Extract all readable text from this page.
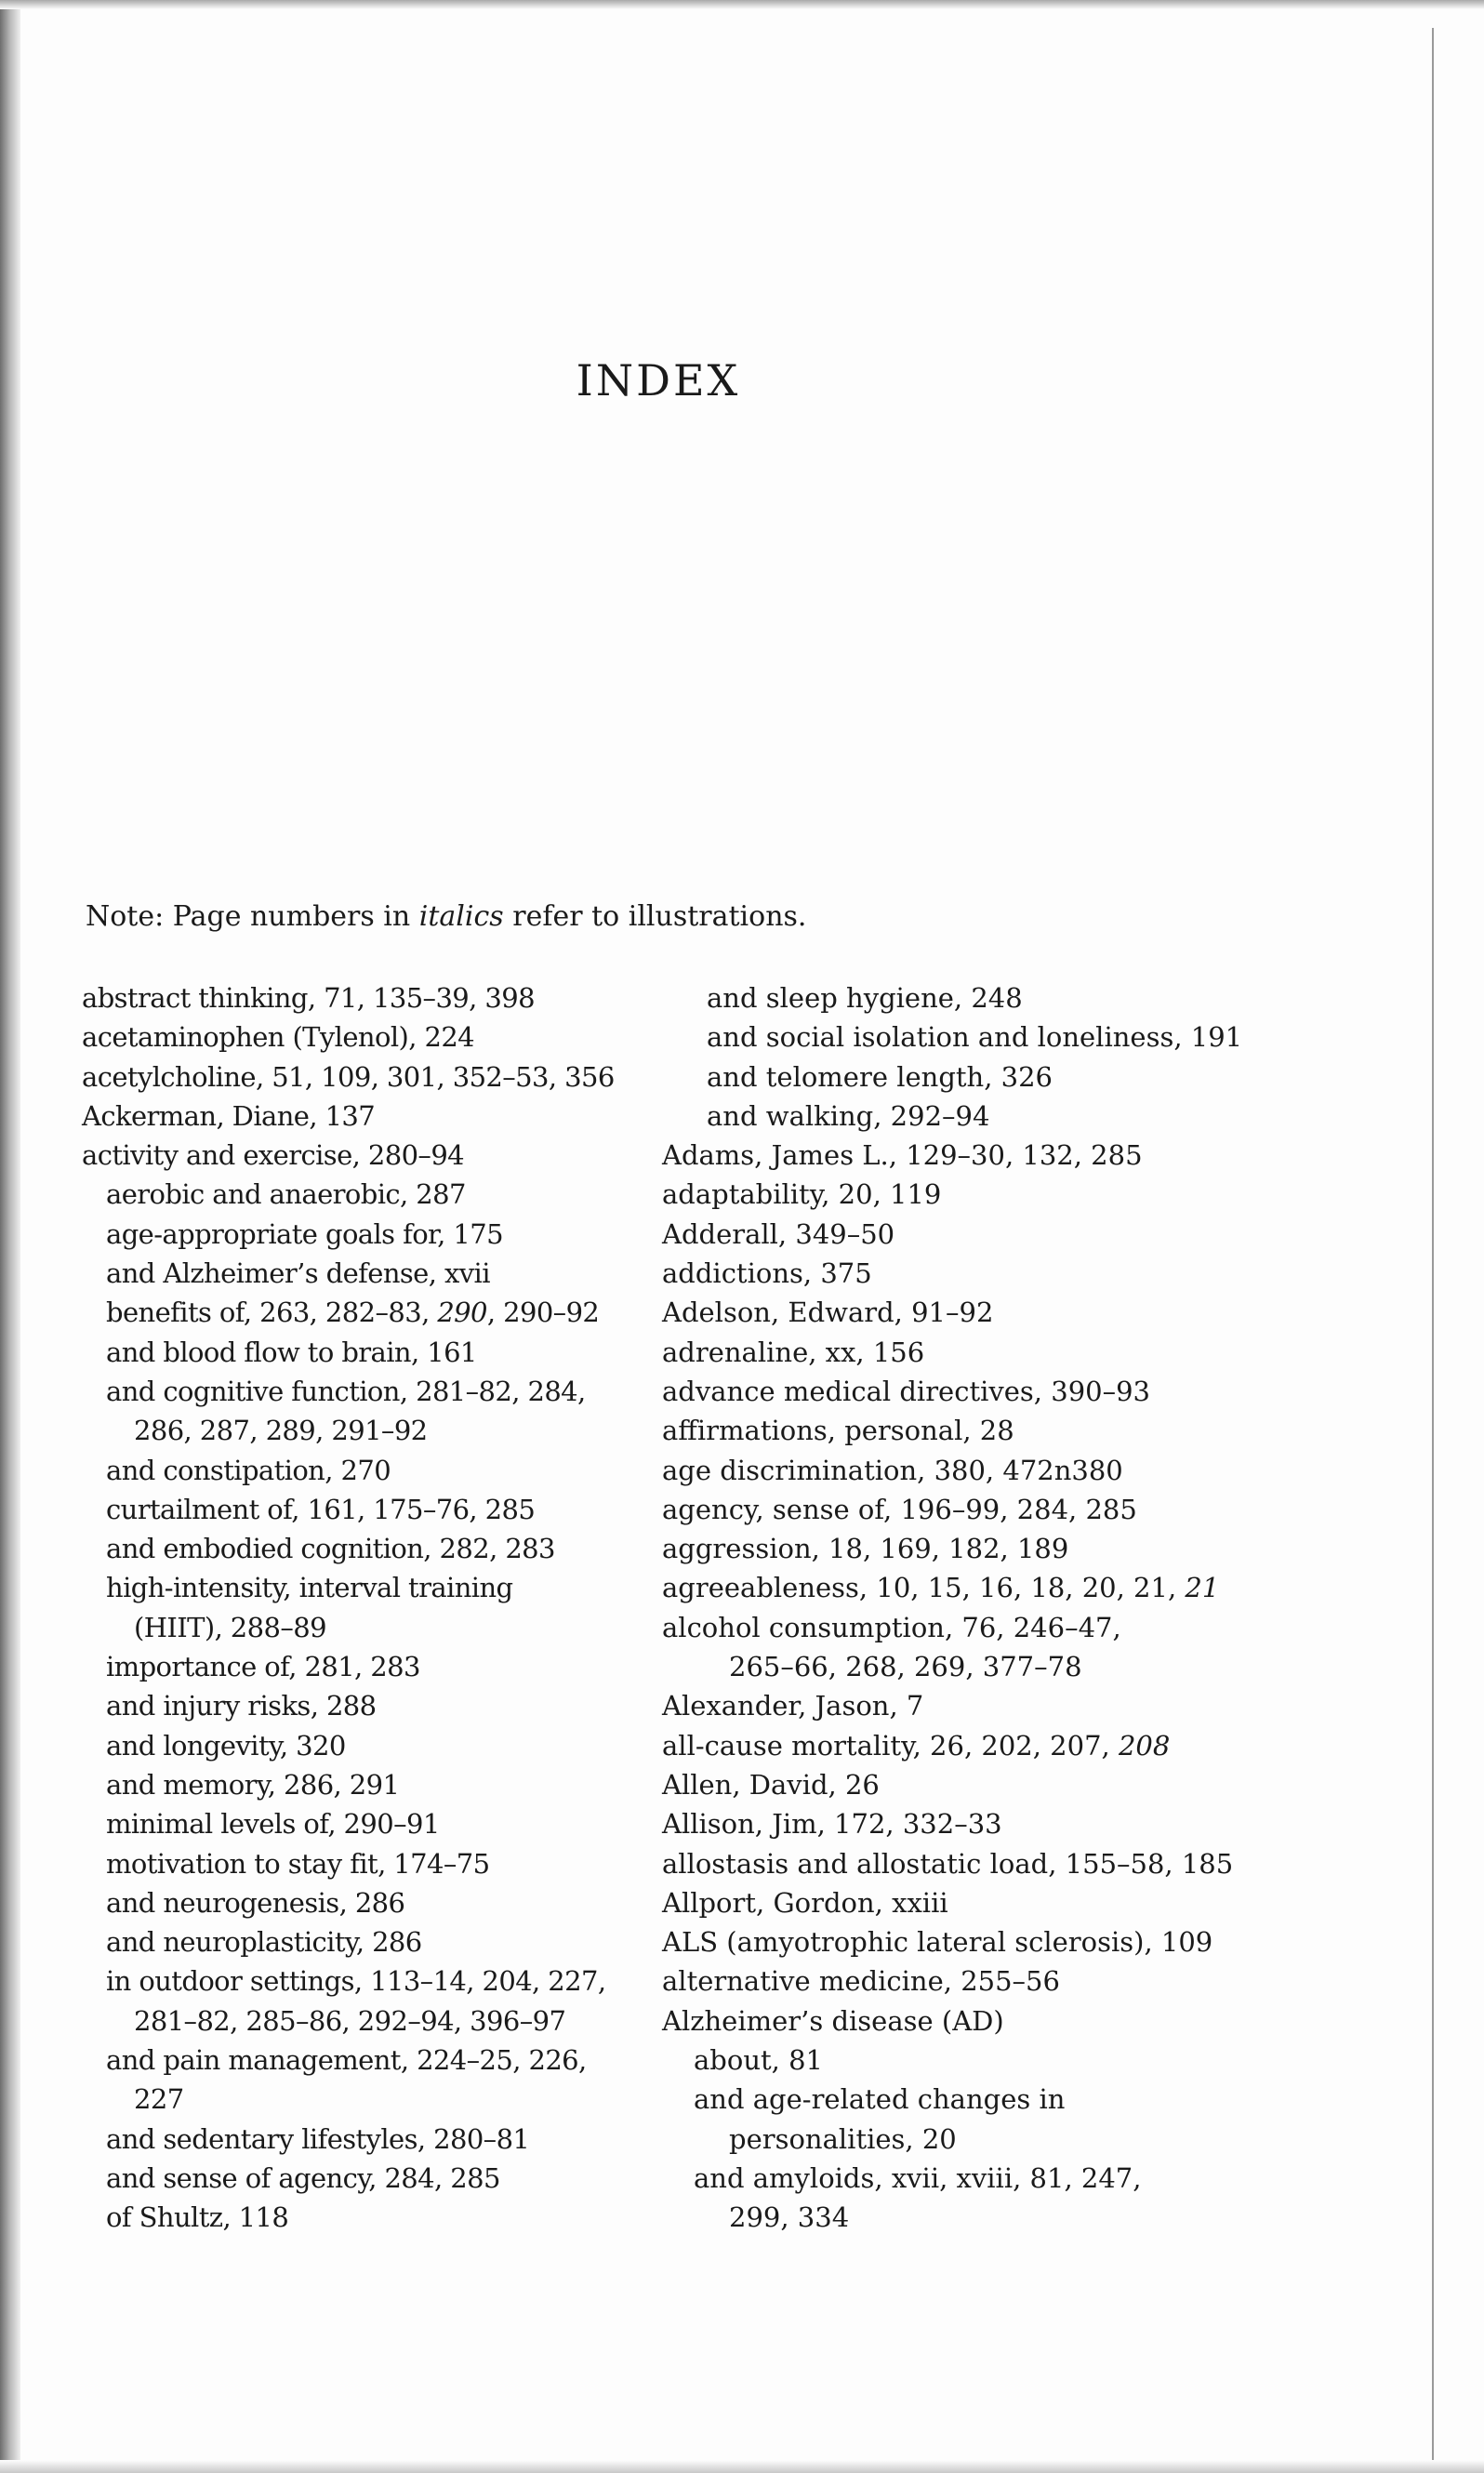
INDEX
Note: Page numbers in italics refer to illustrations.
abstract thinking, 71, 135–39, 398
acetaminophen (Tylenol), 224
acetylcholine, 51, 109, 301, 352–53, 356
Ackerman, Diane, 137
activity and exercise, 280–94
aerobic and anaerobic, 287
age-appropriate goals for, 175
and Alzheimer’s defense, xvii
benefits of, 263, 282–83, 290, 290–92
and blood flow to brain, 161
and cognitive function, 281–82, 284,
286, 287, 289, 291–92
and constipation, 270
curtailment of, 161, 175–76, 285
and embodied cognition, 282, 283
high-intensity, interval training
(HIIT), 288–89
importance of, 281, 283
and injury risks, 288
and longevity, 320
and memory, 286, 291
minimal levels of, 290–91
motivation to stay fit, 174–75
and neurogenesis, 286
and neuroplasticity, 286
in outdoor settings, 113–14, 204, 227,
281–82, 285–86, 292–94, 396–97
and pain management, 224–25, 226,
227
and sedentary lifestyles, 280–81
and sense of agency, 284, 285
of Shultz, 118
and sleep hygiene, 248
and social isolation and loneliness, 191
and telomere length, 326
and walking, 292–94
Adams, James L., 129–30, 132, 285
adaptability, 20, 119
Adderall, 349–50
addictions, 375
Adelson, Edward, 91–92
adrenaline, xx, 156
advance medical directives, 390–93
affirmations, personal, 28
age discrimination, 380, 472n380
agency, sense of, 196–99, 284, 285
aggression, 18, 169, 182, 189
agreeableness, 10, 15, 16, 18, 20, 21, 21
alcohol consumption, 76, 246–47,
265–66, 268, 269, 377–78
Alexander, Jason, 7
all-cause mortality, 26, 202, 207, 208
Allen, David, 26
Allison, Jim, 172, 332–33
allostasis and allostatic load, 155–58, 185
Allport, Gordon, xxiii
ALS (amyotrophic lateral sclerosis), 109
alternative medicine, 255–56
Alzheimer’s disease (AD)
about, 81
and age-related changes in
personalities, 20
and amyloids, xvii, xviii, 81, 247,
299, 334
